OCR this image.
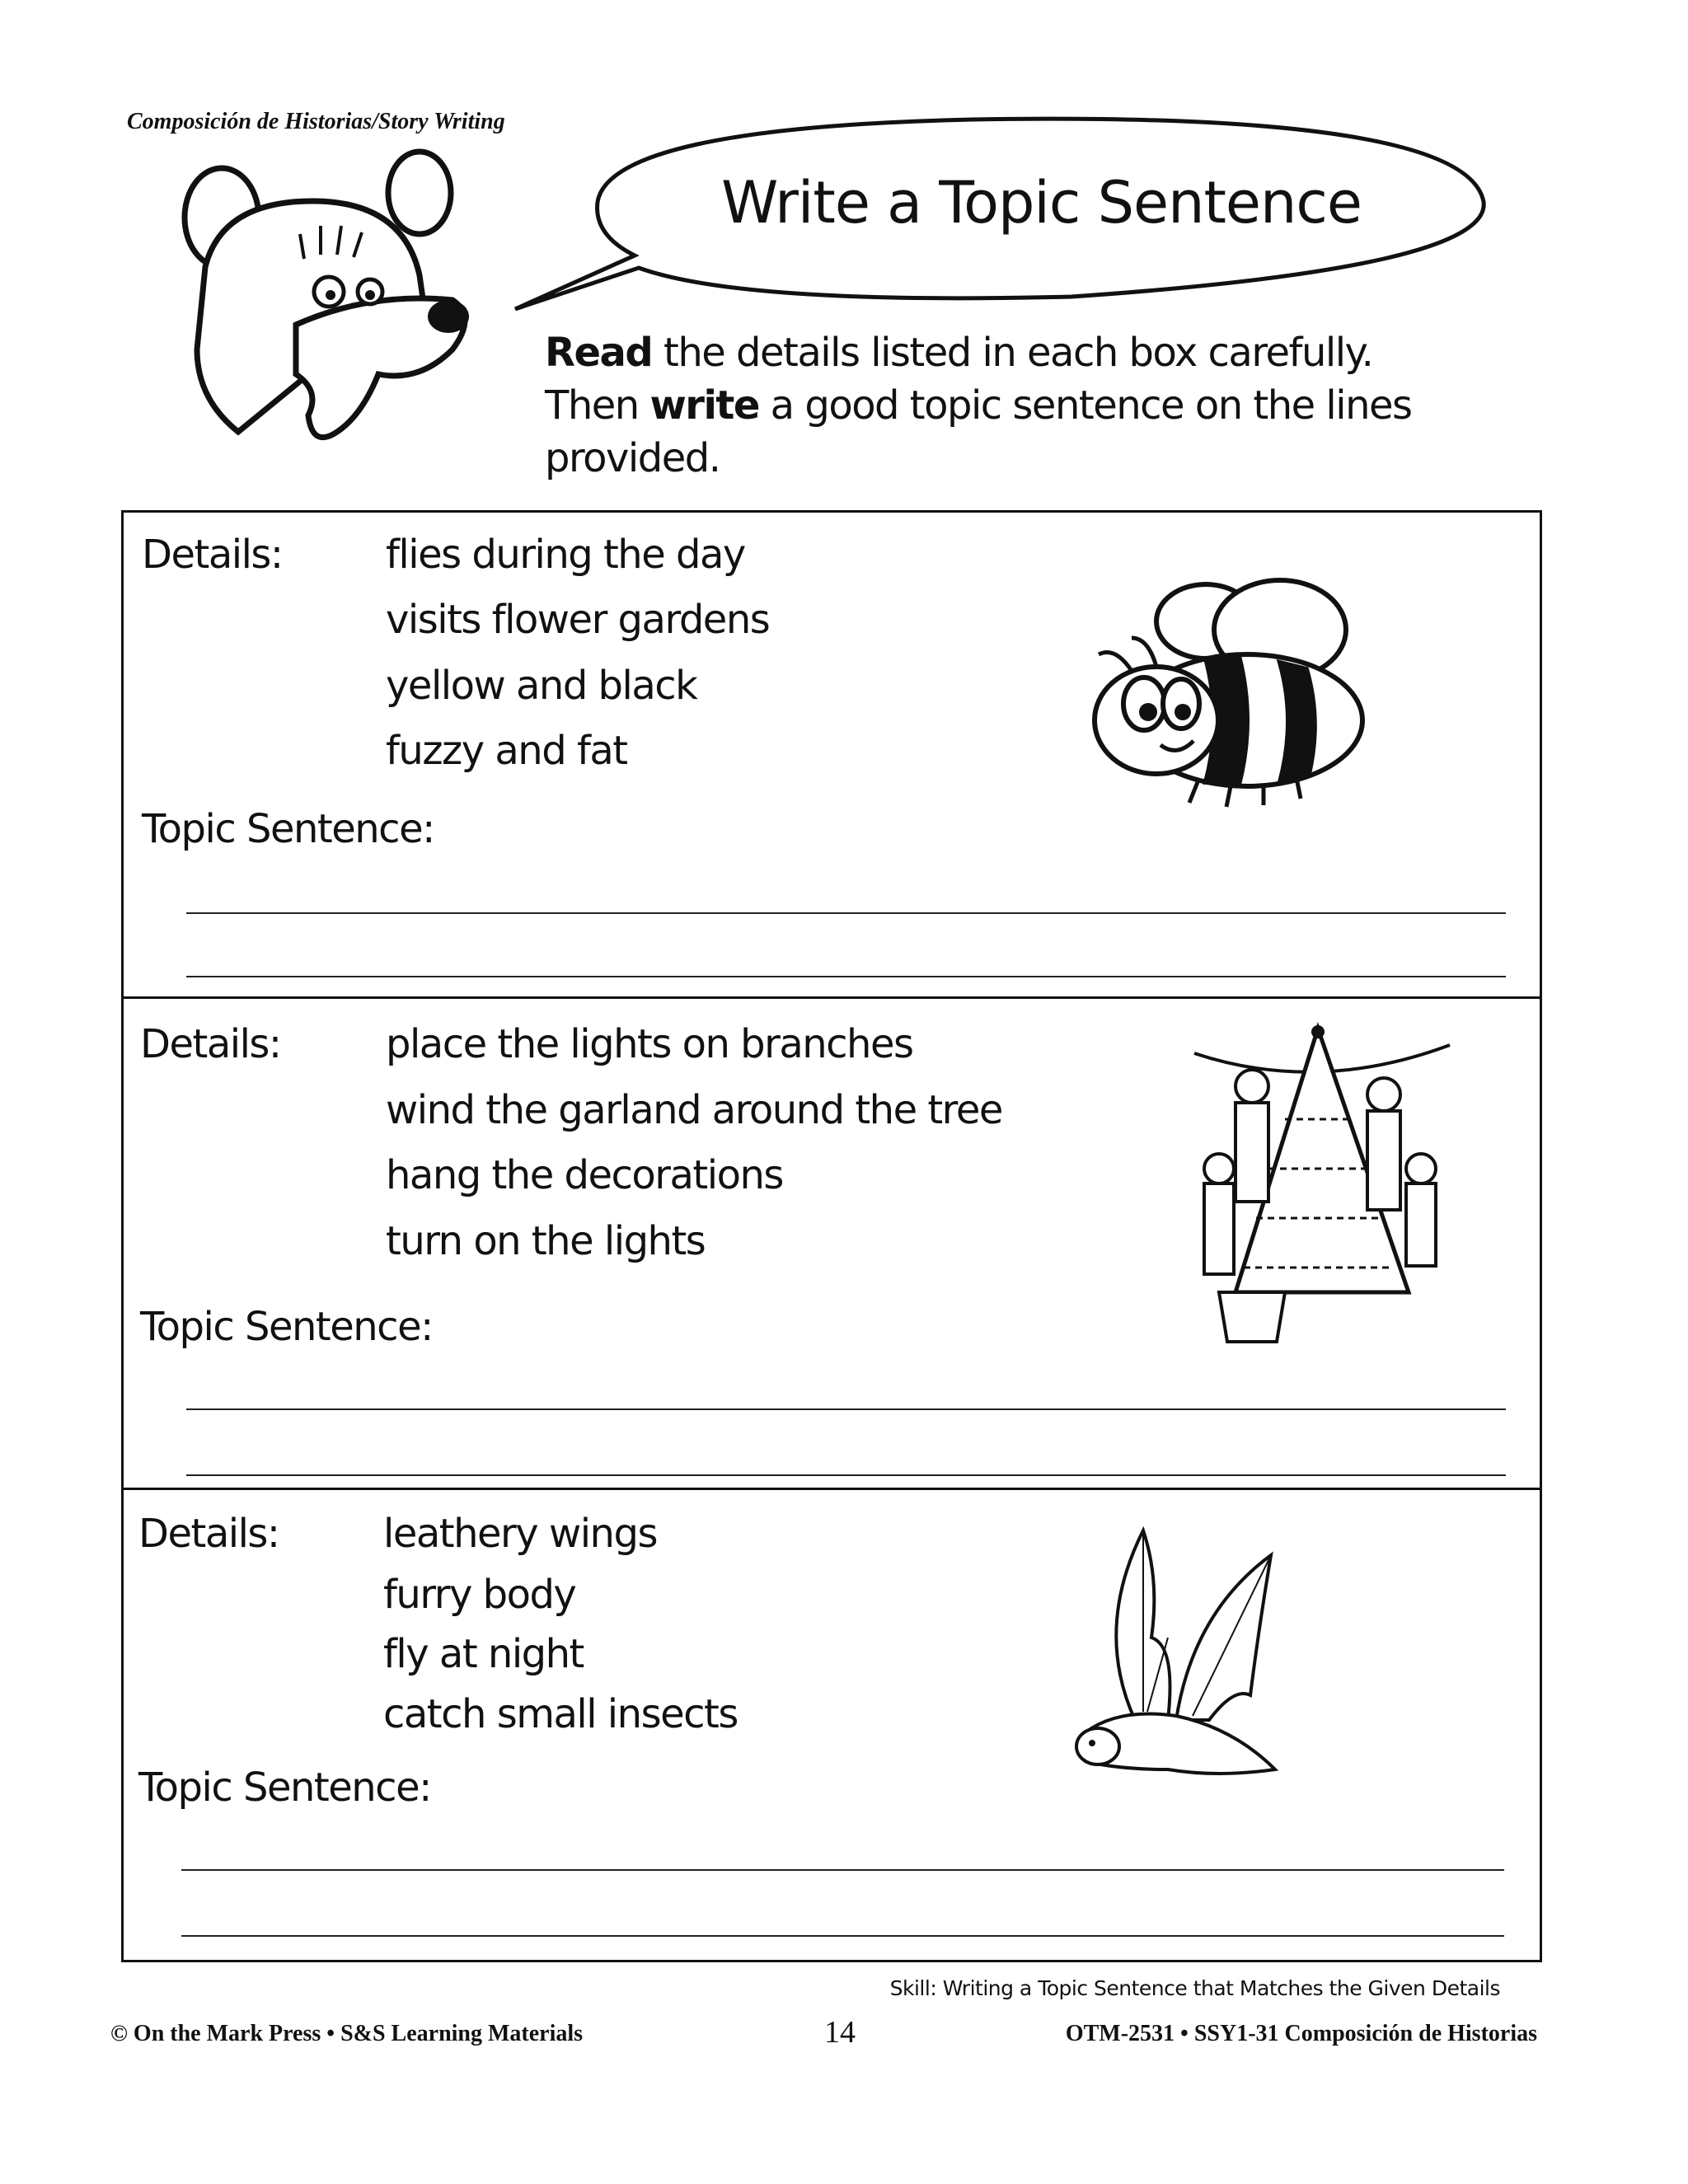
Composición de Historias/Story Writing
Write a Topic Sentence
Read the details listed in each box carefully.
Then write a good topic sentence on the lines
provided.
Details:	flies during the day
visits flower gardens
yellow and black
fuzzy and fat
Topic Sentence:
Details:	place the lights on branches
wind the garland around the tree
hang the decorations
turn on the lights
Topic Sentence:
Details:	leathery wings
furry body
fly at night
catch small insects
Topic Sentence:
Skill: Writing a Topic Sentence that Matches the Given Details
© On the Mark Press • S&S Learning Materials	14	OTM-2531 • SSY1-31 Composición de Historias
